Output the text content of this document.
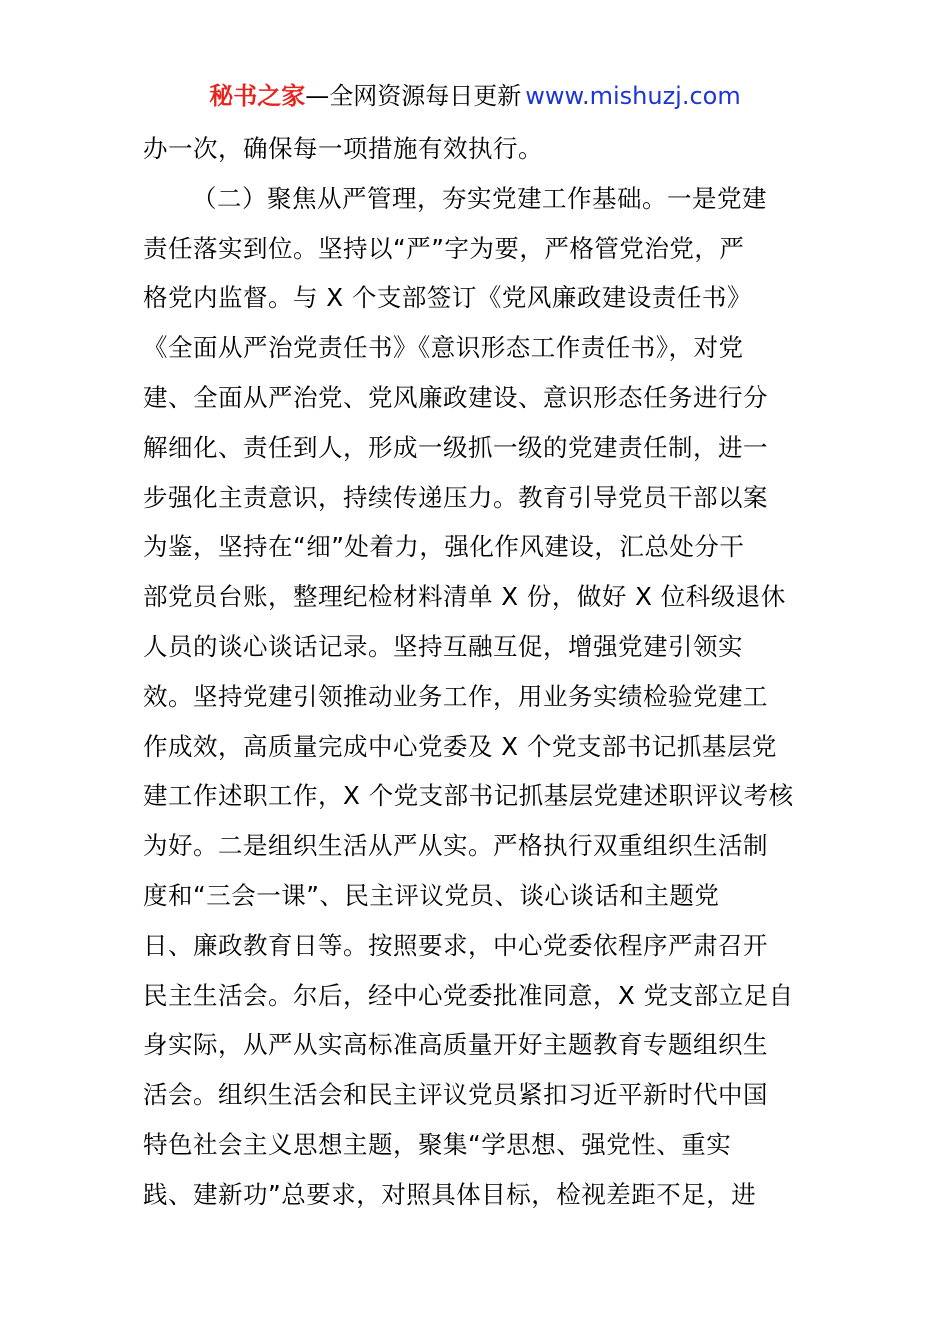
秘书之家—全网资源每日更新 www.mishuzj.com
办一次，确保每一项措施有效执行。
（二）聚焦从严管理，夯实党建工作基础。一是党建
责任落实到位。坚持以“严”字为要，严格管党治党，严
格党内监督。与 X 个支部签订《党风廉政建设责任书》
《全面从严治党责任书》《意识形态工作责任书》，对党
建、全面从严治党、党风廉政建设、意识形态任务进行分
解细化、责任到人，形成一级抓一级的党建责任制，进一
步强化主责意识，持续传递压力。教育引导党员干部以案
为鉴，坚持在“细”处着力，强化作风建设，汇总处分干
部党员台账，整理纪检材料清单 X 份，做好 X 位科级退休
人员的谈心谈话记录。坚持互融互促，增强党建引领实
效。坚持党建引领推动业务工作，用业务实绩检验党建工
作成效，高质量完成中心党委及 X 个党支部书记抓基层党
建工作述职工作，X 个党支部书记抓基层党建述职评议考核
为好。二是组织生活从严从实。严格执行双重组织生活制
度和“三会一课”、民主评议党员、谈心谈话和主题党
日、廉政教育日等。按照要求，中心党委依程序严肃召开
民主生活会。尔后，经中心党委批准同意，X 党支部立足自
身实际，从严从实高标准高质量开好主题教育专题组织生
活会。组织生活会和民主评议党员紧扣习近平新时代中国
特色社会主义思想主题，聚集“学思想、强党性、重实
践、建新功”总要求，对照具体目标，检视差距不足，进
